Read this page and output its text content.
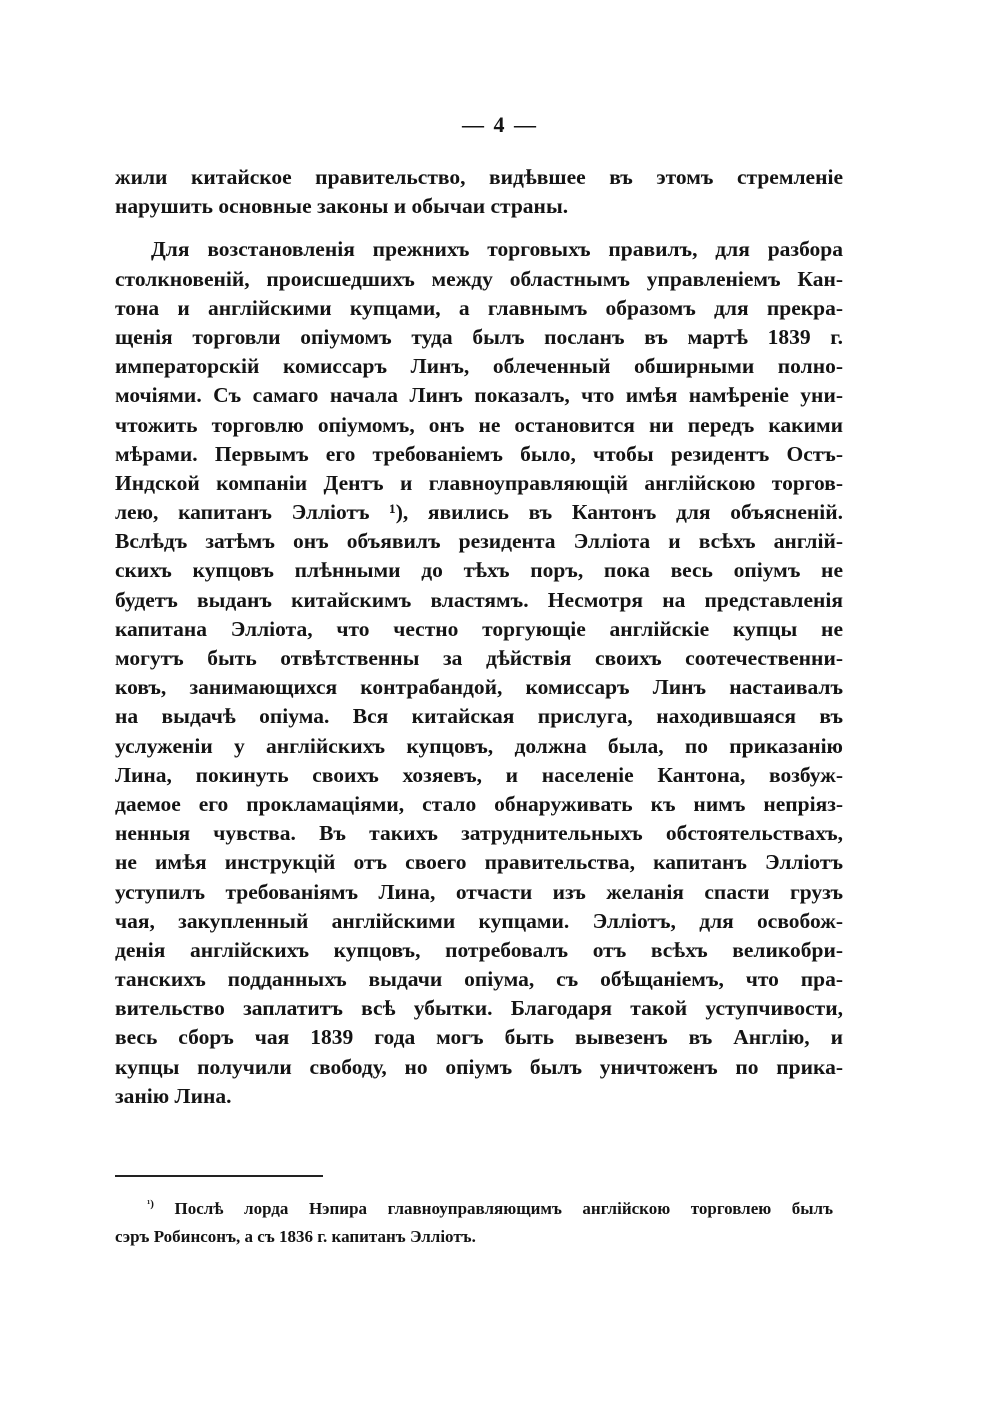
— 4 —
жили китайское правительство, видѣвшее въ этомъ стремленіе
нарушить основные законы и обычаи страны.
Для возстановленія прежнихъ торговыхъ правилъ, для разбора
столкновеній, происшедшихъ между областнымъ управленіемъ Кан-
тона и англійскими купцами, а главнымъ образомъ для прекра-
щенія торговли опіумомъ туда былъ посланъ въ мартѣ 1839 г.
императорскій комиссаръ Линъ, облеченный обширными полно-
мочіями. Съ самаго начала Линъ показалъ, что имѣя намѣреніе уни-
чтожить торговлю опіумомъ, онъ не остановится ни передъ какими
мѣрами. Первымъ его требованіемъ было, чтобы резидентъ Остъ-
Индской компаніи Дентъ и главноуправляющій англійскою торгов-
лею, капитанъ Эллiотъ ¹), явились въ Кантонъ для объясненій.
Вслѣдъ затѣмъ онъ объявилъ резидента Эллiота и всѣхъ англій-
скихъ купцовъ плѣнными до тѣхъ поръ, пока весь опіумъ не
будетъ выданъ китайскимъ властямъ. Несмотря на представленія
капитана Эллiота, что честно торгующіе англійскіе купцы не
могутъ быть отвѣтственны за дѣйствія своихъ соотечественни-
ковъ, занимающихся контрабандой, комиссаръ Линъ настаивалъ
на выдачѣ опіума. Вся китайская прислуга, находившаяся въ
услуженіи у англійскихъ купцовъ, должна была, по приказанію
Лина, покинуть своихъ хозяевъ, и населеніе Кантона, возбуж-
даемое его прокламаціями, стало обнаруживать къ нимъ непріяз-
ненныя чувства. Въ такихъ затруднительныхъ обстоятельствахъ,
не имѣя инструкцій отъ своего правительства, капитанъ Эллiотъ
уступилъ требованіямъ Лина, отчасти изъ желанія спасти грузъ
чая, закупленный англійскими купцами. Эллiотъ, для освобож-
денія англійскихъ купцовъ, потребовалъ отъ всѣхъ великобри-
танскихъ подданныхъ выдачи опіума, съ обѣщаніемъ, что пра-
вительство заплатитъ всѣ убытки. Благодаря такой уступчивости,
весь сборъ чая 1839 года могъ быть вывезенъ въ Англію, и
купцы получили свободу, но опіумъ былъ уничтоженъ по прика-
занію Лина.
$^{^1)}$ Послѣ лорда Нэпира главноуправляющимъ англійскою торговлею былъ
сэръ Робинсонъ, а съ 1836 г. капитанъ Эллiотъ.
